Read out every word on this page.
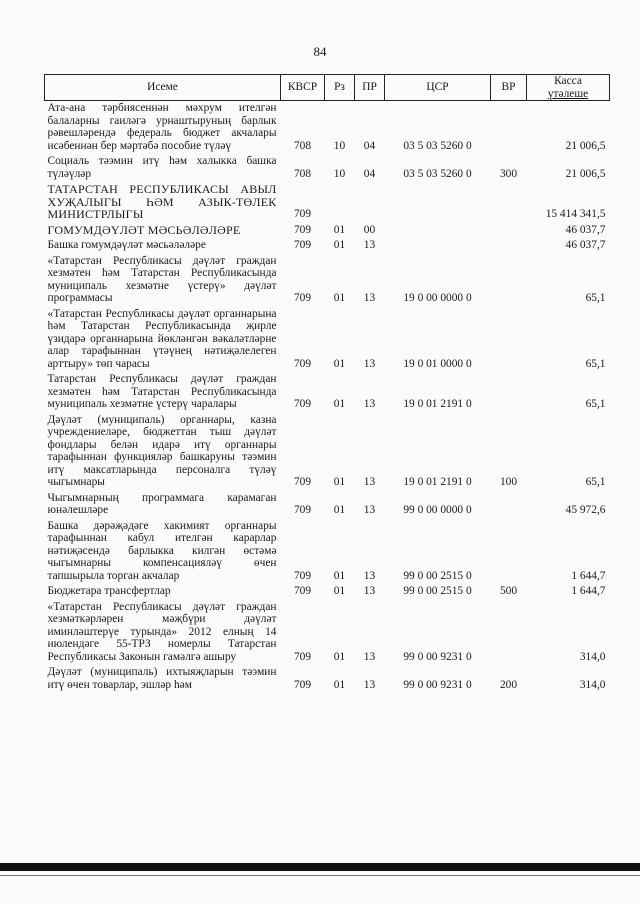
84
Исеме	КВСР	Рз	ПР	ЦСР	ВР	Касса
үтәлеше

Ата-ана тәрбиясеннән мәхрум ителгән балаларны гаиләгә урнаштыруның барлык рәвешләрендә федераль бюджет акчалары исәбеннән бер мәртәбә пособие түләү	708	10	04	03 5 03 5260 0		21 006,5
Социаль тәэмин итү һәм халыкка башка түләүләр	708	10	04	03 5 03 5260 0	300	21 006,5
ТАТАРСТАН РЕСПУБЛИКАСЫ АВЫЛ ХУҖАЛЫГЫ ҺӘМ АЗЫК-ТӨЛЕК МИНИСТРЛЫГЫ	709					15 414 341,5
ГОМУМДӘҮЛӘТ МӘСЬӘЛӘЛӘРЕ	709	01	00			46 037,7
Башка гомумдәүләт мәсьәләләре	709	01	13			46 037,7
«Татарстан Республикасы дәүләт граждан хезмәтен һәм Татарстан Республикасында муниципаль хезмәтне үстерү» дәүләт программасы	709	01	13	19 0 00 0000 0		65,1
«Татарстан Республикасы дәүләт органнарына һәм Татарстан Республикасында җирле үзидарә органнарына йөкләнгән вәкаләтләрне алар тарафыннан үтәүнең нәтиҗәлелеген арттыру» төп чарасы	709	01	13	19 0 01 0000 0		65,1
Татарстан Республикасы дәүләт граждан хезмәтен һәм Татарстан Республикасында муниципаль хезмәтне үстерү чаралары	709	01	13	19 0 01 2191 0		65,1
Дәүләт (муниципаль) органнары, казна учреждениеләре, бюджеттан тыш дәүләт фондлары белән идарә итү органнары тарафыннан функцияләр башкаруны тәэмин итү максатларында персоналга түләү чыгымнары	709	01	13	19 0 01 2191 0	100	65,1
Чыгымнарның программага карамаган юнәлешләре	709	01	13	99 0 00 0000 0		45 972,6
Башка дәрәҗәдәге хакимият органнары тарафыннан кабул ителгән карарлар нәтиҗәсендә барлыкка килгән өстәмә чыгымнарны компенсацияләү өчен тапшырыла торган акчалар	709	01	13	99 0 00 2515 0		1 644,7
Бюджетара трансфертлар	709	01	13	99 0 00 2515 0	500	1 644,7
«Татарстан Республикасы дәүләт граждан хезмәткәрләрен мәҗбүри дәүләт иминләштерүе турында» 2012 елның 14 июлендәге 55-ТРЗ номерлы Татарстан Республикасы Законын гамәлгә ашыру	709	01	13	99 0 00 9231 0		314,0
Дәүләт (муниципаль) ихтыяҗларын тәэмин итү өчен товарлар, эшләр һәм	709	01	13	99 0 00 9231 0	200	314,0
